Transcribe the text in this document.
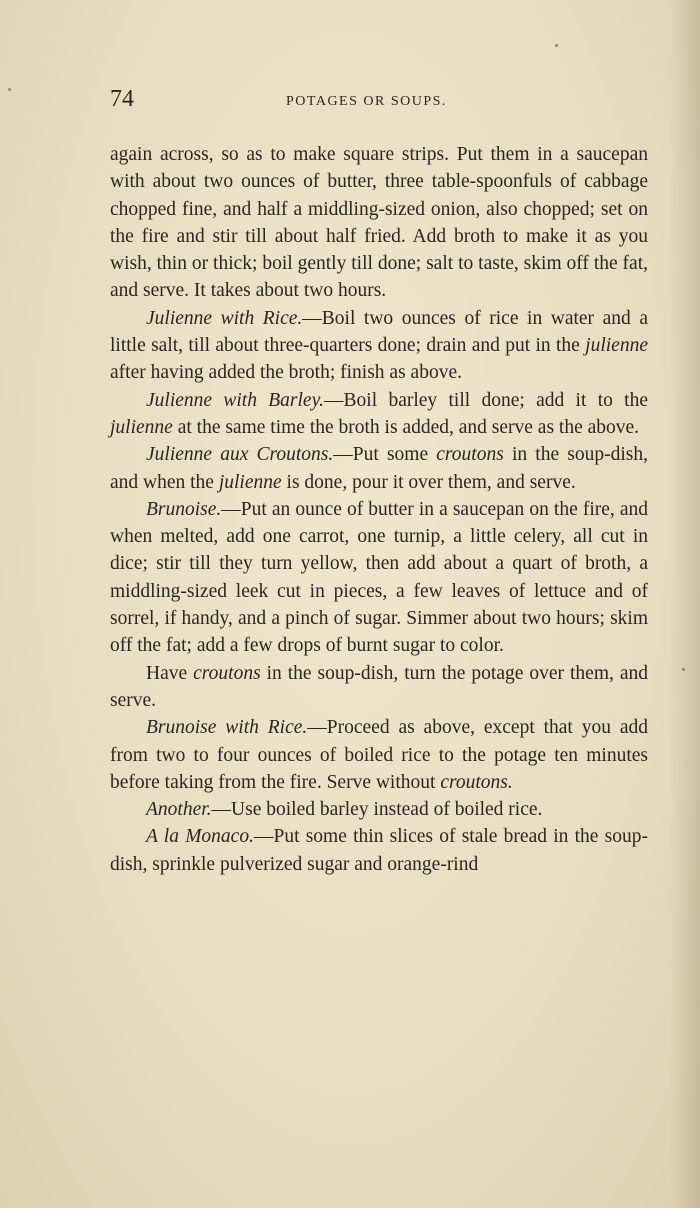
74	POTAGES OR SOUPS.

again across, so as to make square strips. Put them in a saucepan with about two ounces of butter, three table-spoonfuls of cabbage chopped fine, and half a middling-sized onion, also chopped; set on the fire and stir till about half fried. Add broth to make it as you wish, thin or thick; boil gently till done; salt to taste, skim off the fat, and serve. It takes about two hours.

Julienne with Rice.—Boil two ounces of rice in water and a little salt, till about three-quarters done; drain and put in the julienne after having added the broth; finish as above.

Julienne with Barley.—Boil barley till done; add it to the julienne at the same time the broth is added, and serve as the above.

Julienne aux Croutons.—Put some croutons in the soup-dish, and when the julienne is done, pour it over them, and serve.

Brunoise.—Put an ounce of butter in a saucepan on the fire, and when melted, add one carrot, one turnip, a little celery, all cut in dice; stir till they turn yellow, then add about a quart of broth, a middling-sized leek cut in pieces, a few leaves of lettuce and of sorrel, if handy, and a pinch of sugar. Simmer about two hours; skim off the fat; add a few drops of burnt sugar to color.

Have croutons in the soup-dish, turn the potage over them, and serve.

Brunoise with Rice.—Proceed as above, except that you add from two to four ounces of boiled rice to the potage ten minutes before taking from the fire. Serve without croutons.

Another.—Use boiled barley instead of boiled rice.

A la Monaco.—Put some thin slices of stale bread in the soup-dish, sprinkle pulverized sugar and orange-rind
